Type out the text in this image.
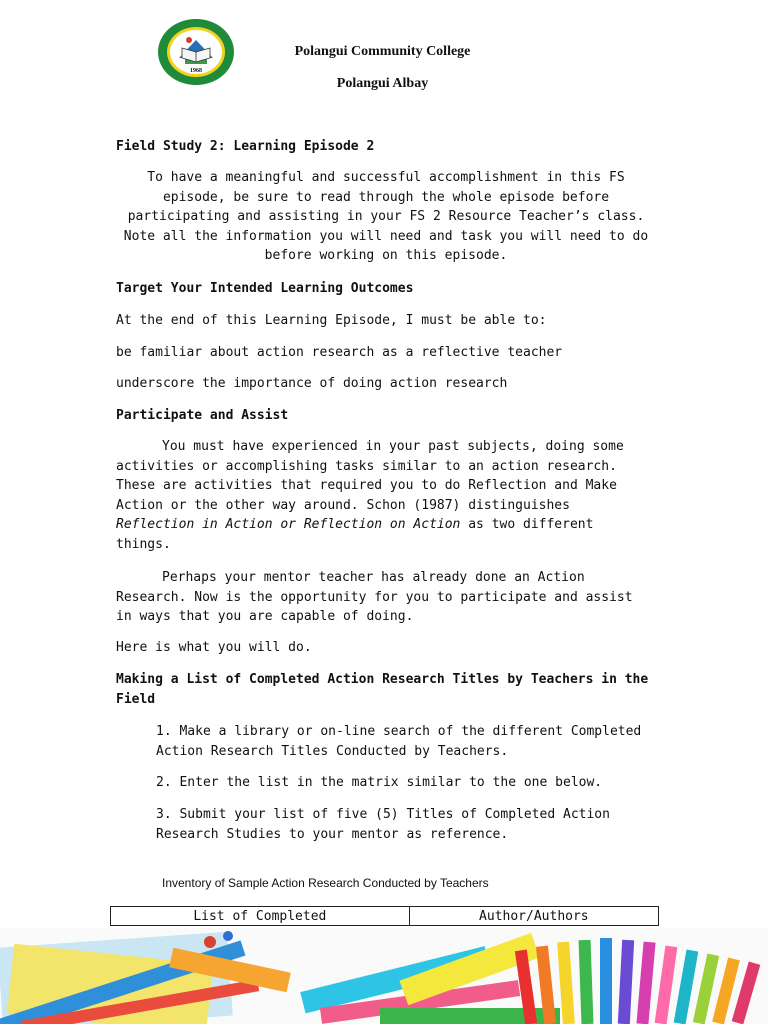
1968
Polangui Community College
Polangui Albay
Field Study 2: Learning Episode 2
To have a meaningful and successful accomplishment in this FS episode, be sure to read through the whole episode before participating and assisting in your FS 2 Resource Teacher’s class. Note all the information you will need and task you will need to do before working on this episode.
Target Your Intended Learning Outcomes
At the end of this Learning Episode, I must be able to:
be familiar about action research as a reflective teacher
underscore the importance of doing action research
Participate and Assist
You must have experienced in your past subjects, doing some activities or accomplishing tasks similar to an action research. These are activities that required you to do Reflection and Make Action or the other way around. Schon (1987) distinguishes Reflection in Action or Reflection on Action as two different things.
Perhaps your mentor teacher has already done an Action Research. Now is the opportunity for you to participate and assist in ways that you are capable of doing.
Here is what you will do.
Making a List of Completed Action Research Titles by Teachers in the Field
1. Make a library or on-line search of the different Completed Action Research Titles Conducted by Teachers.
2. Enter the list in the matrix similar to the one below.
3. Submit your list of five (5) Titles of Completed Action Research Studies to your mentor as reference.
Inventory of Sample Action Research Conducted by Teachers
List of Completed	Author/Authors
